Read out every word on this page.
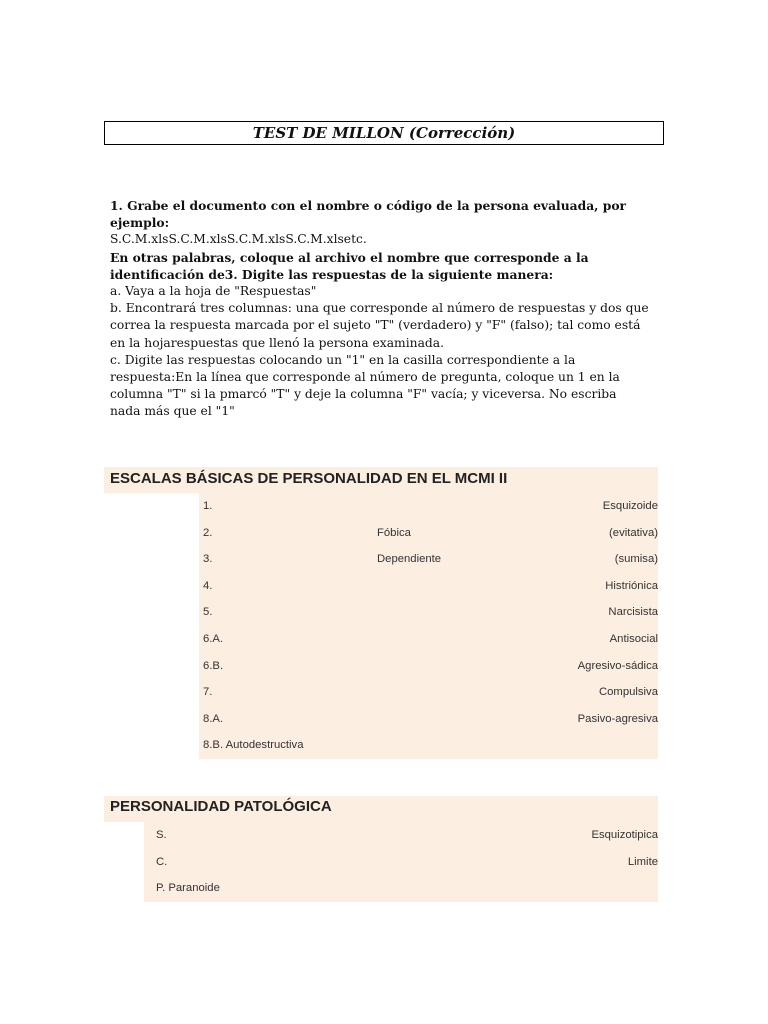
TEST DE MILLON (Corrección)

1. Grabe el documento con el nombre o código de la persona evaluada, por ejemplo:

S.C.M.xlsS.C.M.xlsS.C.M.xlsS.C.M.xlsetc.

En otras palabras, coloque al archivo el nombre que corresponde a la identificación de3. Digite las respuestas de la siguiente manera:

a. Vaya a la hoja de "Respuestas"

b. Encontrará tres columnas: una que corresponde al número de respuestas y dos que correa la respuesta marcada por el sujeto "T" (verdadero) y "F" (falso); tal como está en la hojarespuestas que llenó la persona examinada.

c. Digite las respuestas colocando un "1" en la casilla correspondiente a la respuesta:En la línea que corresponde al número de pregunta, coloque un 1 en la columna "T" si la pmarcó "T" y deje la columna "F" vacía; y viceversa. No escriba nada más que el "1"

ESCALAS BÁSICAS DE PERSONALIDAD EN EL MCMI II
1.	Esquizoide
2.	Fóbica	(evitativa)
3.	Dependiente	(sumisa)
4.	Histriónica
5.	Narcisista
6.A.	Antisocial
6.B.	Agresivo-sádica
7.	Compulsiva
8.A.	Pasivo-agresiva
8.B. Autodestructiva
PERSONALIDAD PATOLÓGICA
S.	Esquizotipica
C.	Limite
P. Paranoide
